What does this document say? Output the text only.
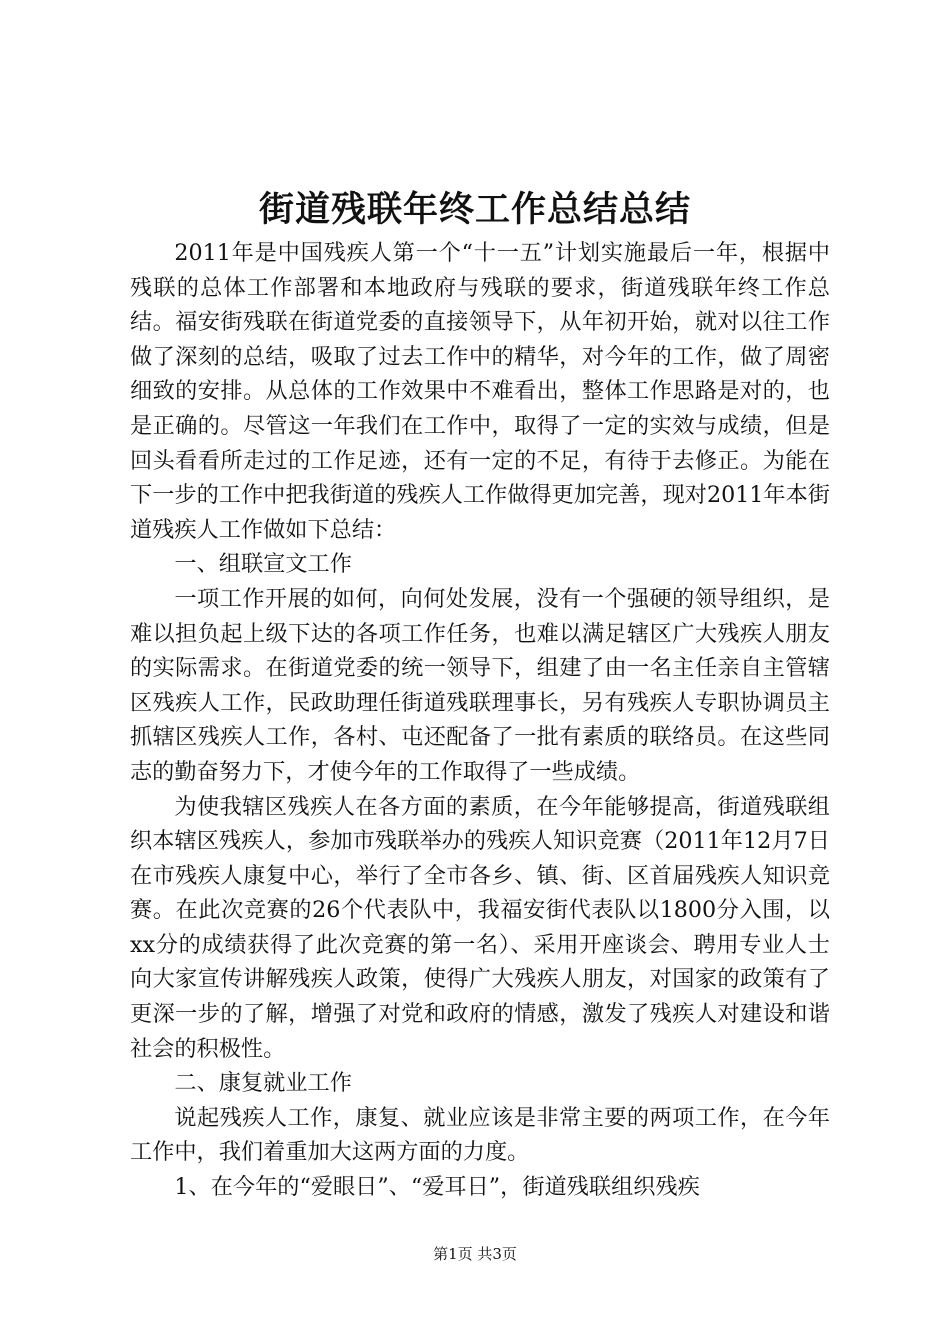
街道残联年终工作总结总结

2011年是中国残疾人第一个“十一五”计划实施最后一年，根据中残联的总体工作部署和本地政府与残联的要求，街道残联年终工作总结。福安街残联在街道党委的直接领导下，从年初开始，就对以往工作做了深刻的总结，吸取了过去工作中的精华，对今年的工作，做了周密细致的安排。从总体的工作效果中不难看出，整体工作思路是对的，也是正确的。尽管这一年我们在工作中，取得了一定的实效与成绩，但是回头看看所走过的工作足迹，还有一定的不足，有待于去修正。为能在下一步的工作中把我街道的残疾人工作做得更加完善，现对2011年本街道残疾人工作做如下总结：

一、组联宣文工作

一项工作开展的如何，向何处发展，没有一个强硬的领导组织，是难以担负起上级下达的各项工作任务，也难以满足辖区广大残疾人朋友的实际需求。在街道党委的统一领导下，组建了由一名主任亲自主管辖区残疾人工作，民政助理任街道残联理事长，另有残疾人专职协调员主抓辖区残疾人工作，各村、屯还配备了一批有素质的联络员。在这些同志的勤奋努力下，才使今年的工作取得了一些成绩。

为使我辖区残疾人在各方面的素质，在今年能够提高，街道残联组织本辖区残疾人，参加市残联举办的残疾人知识竞赛（2011年12月7日在市残疾人康复中心，举行了全市各乡、镇、街、区首届残疾人知识竞赛。在此次竞赛的26个代表队中，我福安街代表队以1800分入围，以xx分的成绩获得了此次竞赛的第一名）、采用开座谈会、聘用专业人士向大家宣传讲解残疾人政策，使得广大残疾人朋友，对国家的政策有了更深一步的了解，增强了对党和政府的情感，激发了残疾人对建设和谐社会的积极性。

二、康复就业工作

说起残疾人工作，康复、就业应该是非常主要的两项工作，在今年工作中，我们着重加大这两方面的力度。

1、在今年的“爱眼日”、“爱耳日”，街道残联组织残疾

第1页 共3页
